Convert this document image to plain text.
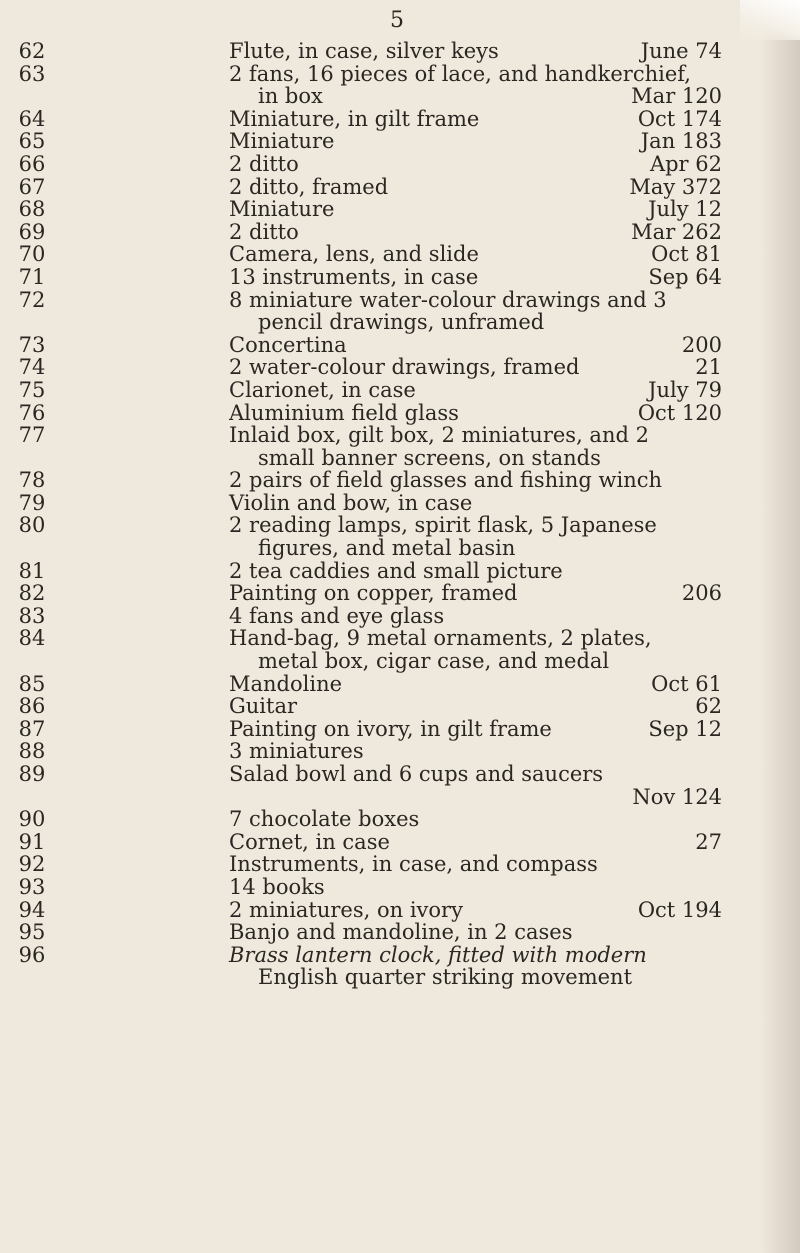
5
62	Flute, in case, silver keys	June 74
63	2 fans, 16 pieces of lace, and handkerchief,
in box	Mar 120
64	Miniature, in gilt frame	Oct 174
65	Miniature	Jan 183
66	2 ditto	Apr 62
67	2 ditto, framed	May 372
68	Miniature	July 12
69	2 ditto	Mar 262
70	Camera, lens, and slide	Oct 81
71	13 instruments, in case	Sep 64
72	8 miniature water-colour drawings and 3
pencil drawings, unframed
73	Concertina	200
74	2 water-colour drawings, framed	21
75	Clarionet, in case	July 79
76	Aluminium field glass	Oct 120
77	Inlaid box, gilt box, 2 miniatures, and 2
small banner screens, on stands
78	2 pairs of field glasses and fishing winch
79	Violin and bow, in case
80	2 reading lamps, spirit flask, 5 Japanese
figures, and metal basin
81	2 tea caddies and small picture
82	Painting on copper, framed	206
83	4 fans and eye glass
84	Hand-bag, 9 metal ornaments, 2 plates,
metal box, cigar case, and medal
85	Mandoline	Oct 61
86	Guitar	62
87	Painting on ivory, in gilt frame	Sep 12
88	3 miniatures
89	Salad bowl and 6 cups and saucers
Nov 124
90	7 chocolate boxes
91	Cornet, in case	27
92	Instruments, in case, and compass
93	14 books
94	2 miniatures, on ivory	Oct 194
95	Banjo and mandoline, in 2 cases
96	Brass lantern clock, fitted with modern
English quarter striking movement
